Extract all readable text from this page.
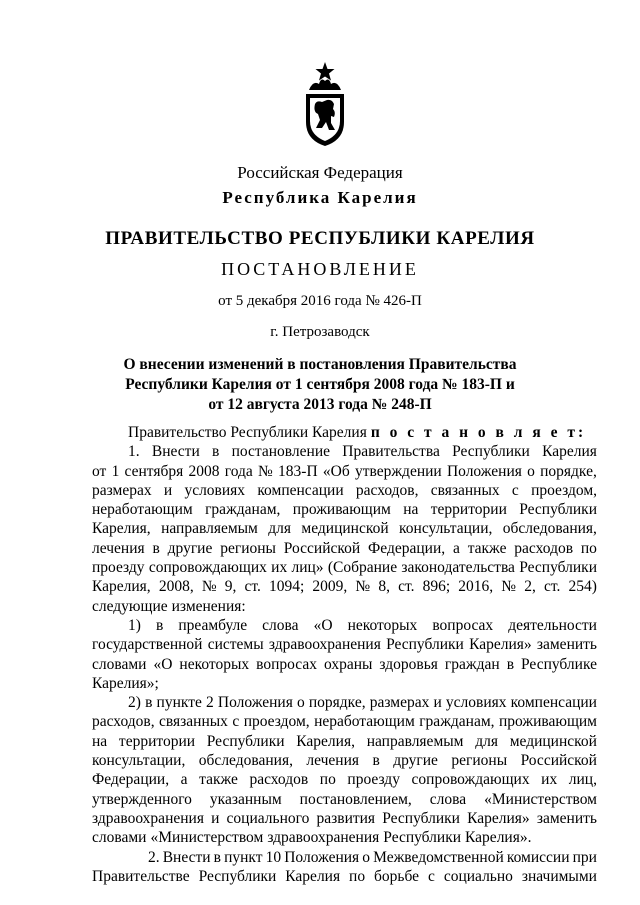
Российская Федерация
Республика Карелия
ПРАВИТЕЛЬСТВО РЕСПУБЛИКИ КАРЕЛИЯ
ПОСТАНОВЛЕНИЕ
от 5 декабря 2016 года № 426-П
г. Петрозаводск
О внесении изменений в постановления Правительства
Республики Карелия от 1 сентября 2008 года № 183-П и
от 12 августа 2013 года № 248-П
Правительство Республики Карелия п о с т а н о в л я е т:
1. Внести в постановление Правительства Республики Карелия
от 1 сентября 2008 года № 183-П «Об утверждении Положения о порядке,
размерах и условиях компенсации расходов, связанных с проездом,
неработающим гражданам, проживающим на территории Республики
Карелия, направляемым для медицинской консультации, обследования,
лечения в другие регионы Российской Федерации, а также расходов по
проезду сопровождающих их лиц» (Собрание законодательства Республики
Карелия, 2008, № 9, ст. 1094; 2009, № 8, ст. 896; 2016, № 2, ст. 254)
следующие изменения:
1) в преамбуле слова «О некоторых вопросах деятельности
государственной системы здравоохранения Республики Карелия» заменить
словами «О некоторых вопросах охраны здоровья граждан в Республике
Карелия»;
2) в пункте 2 Положения о порядке, размерах и условиях компенсации
расходов, связанных с проездом, неработающим гражданам, проживающим
на территории Республики Карелия, направляемым для медицинской
консультации, обследования, лечения в другие регионы Российской
Федерации, а также расходов по проезду сопровождающих их лиц,
утвержденного указанным постановлением, слова «Министерством
здравоохранения и социального развития Республики Карелия» заменить
словами «Министерством здравоохранения Республики Карелия».
2. Внести в пункт 10 Положения о Межведомственной комиссии при
Правительстве Республики Карелия по борьбе с социально значимыми
